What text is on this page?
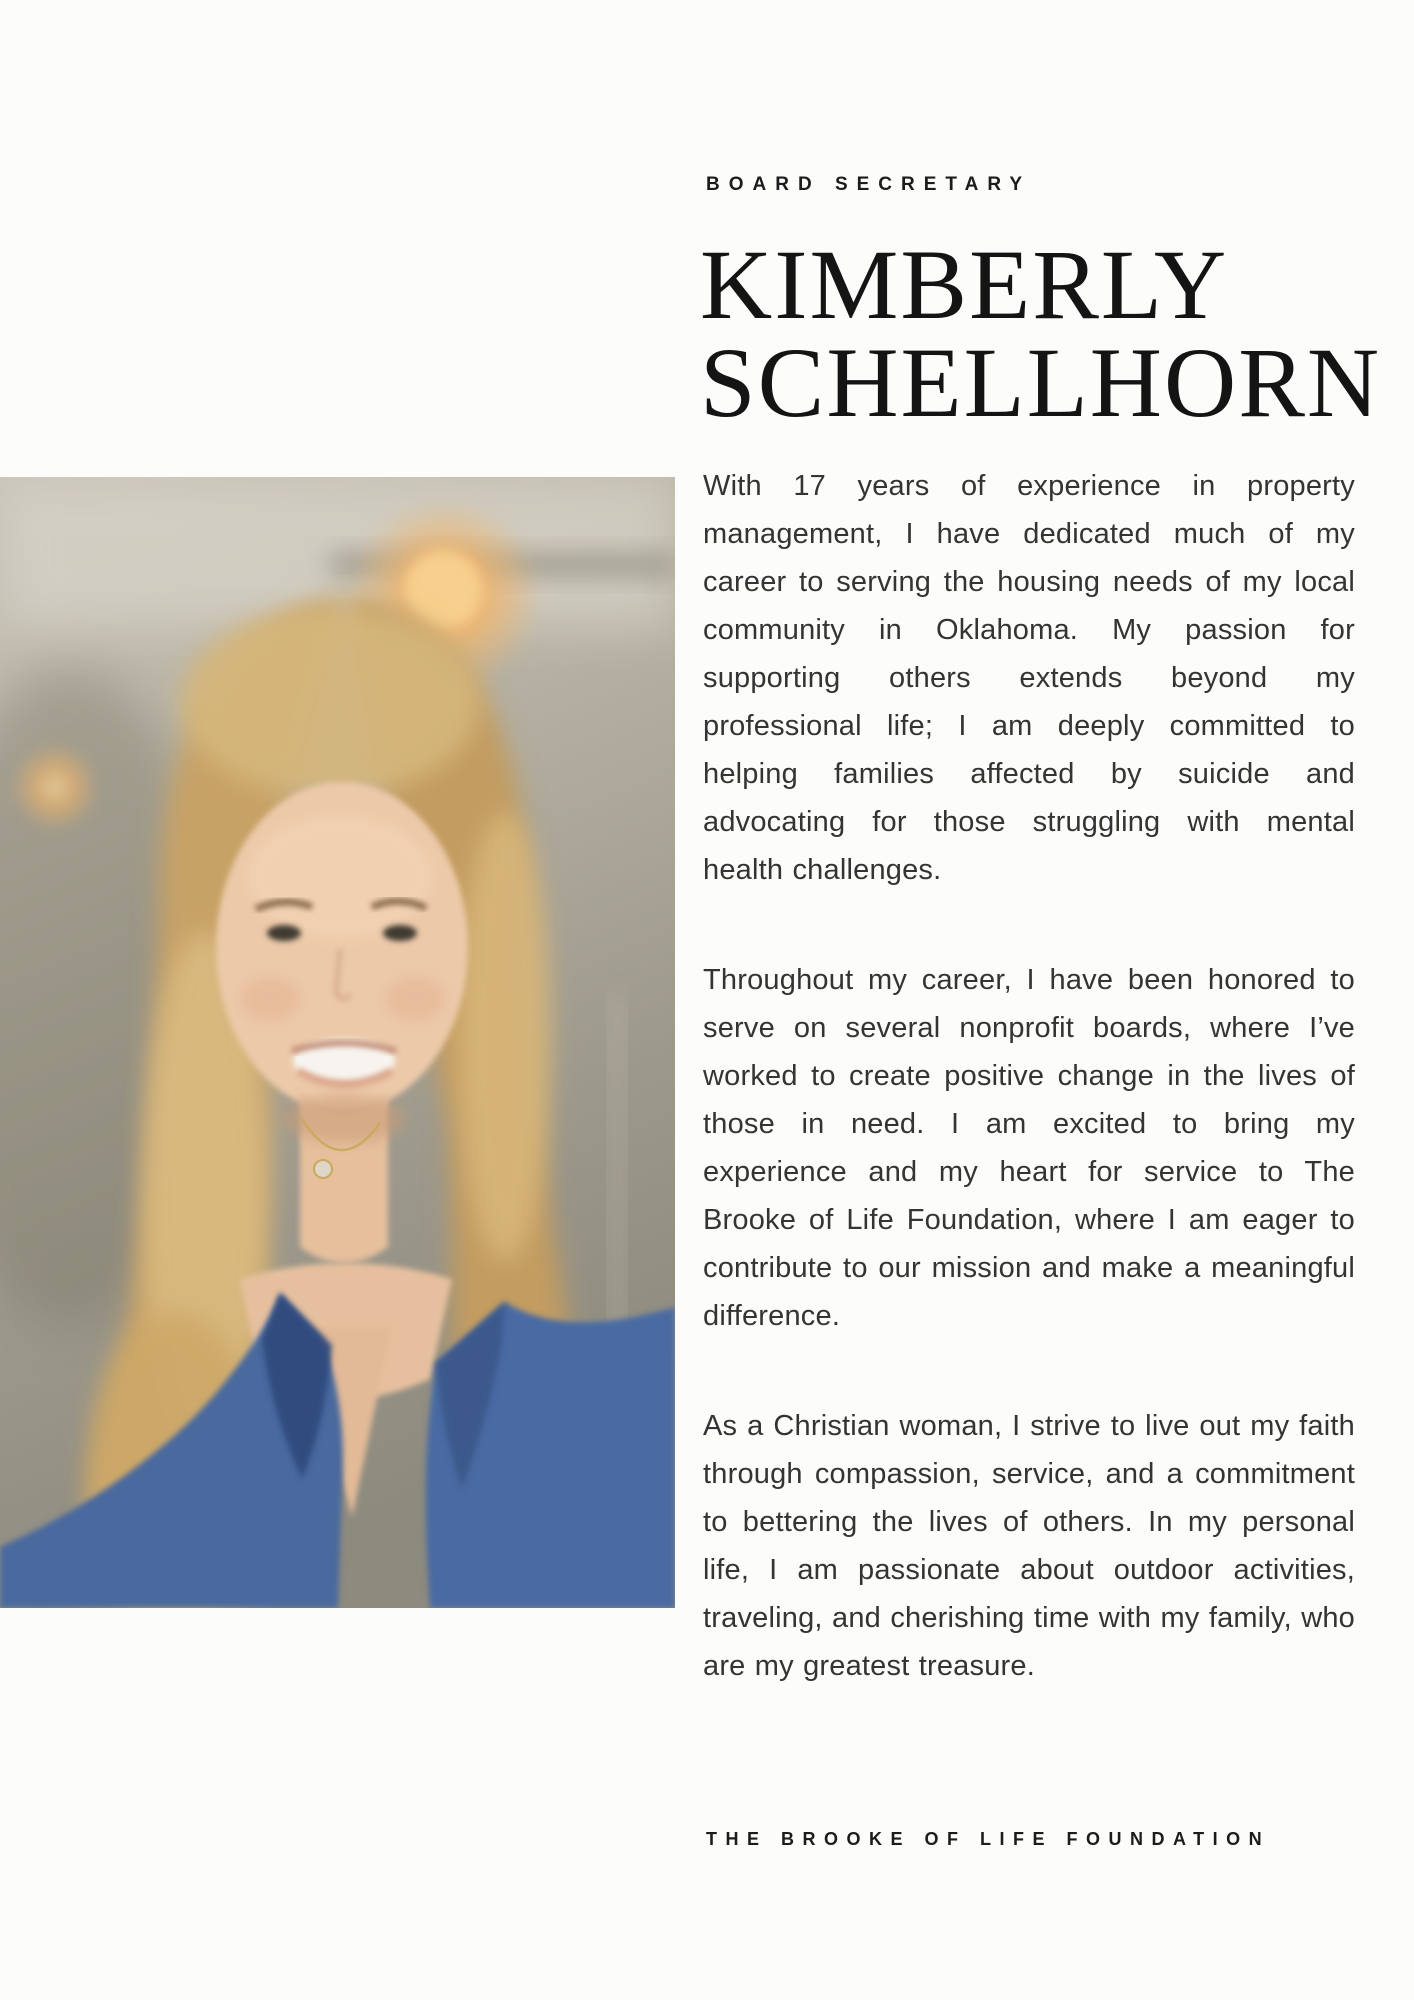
BOARD SECRETARY
KIMBERLY
SCHELLHORN

With 17 years of experience in property management, I have dedicated much of my career to serving the housing needs of my local community in Oklahoma. My passion for supporting others extends beyond my professional life; I am deeply committed to helping families affected by suicide and advocating for those struggling with mental health challenges.

Throughout my career, I have been honored to serve on several nonprofit boards, where I’ve worked to create positive change in the lives of those in need. I am excited to bring my experience and my heart for service to The Brooke of Life Foundation, where I am eager to contribute to our mission and make a meaningful difference.

As a Christian woman, I strive to live out my faith through compassion, service, and a commitment to bettering the lives of others. In my personal life, I am passionate about outdoor activities, traveling, and cherishing time with my family, who are my greatest treasure.

THE BROOKE OF LIFE FOUNDATION
